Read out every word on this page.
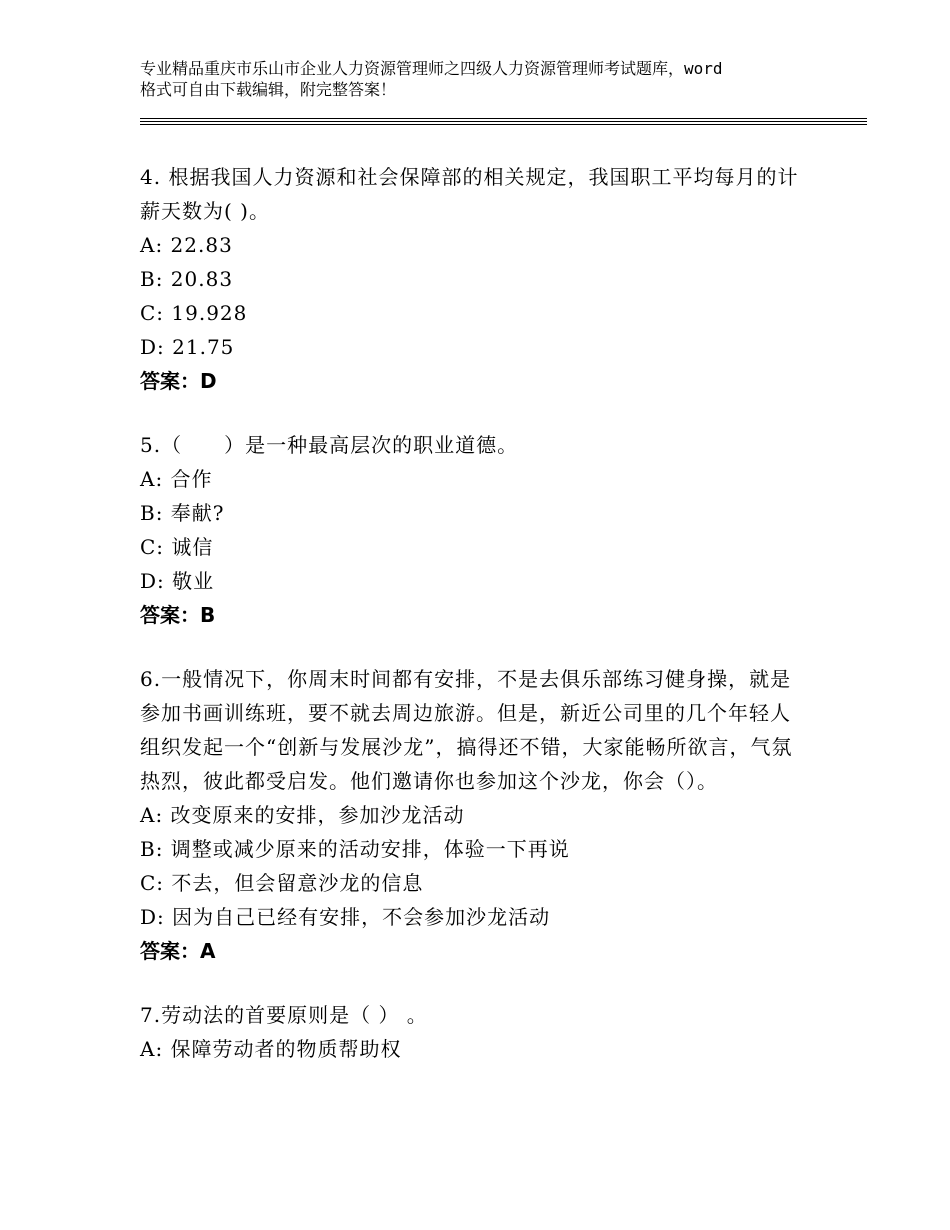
专业精品重庆市乐山市企业人力资源管理师之四级人力资源管理师考试题库，word
格式可自由下载编辑，附完整答案！
4. 根据我国人力资源和社会保障部的相关规定，我国职工平均每月的计薪天数为( )。
A: 22.83
B: 20.83
C: 19.928
D: 21.75
答案：D
5.（　　）是一种最高层次的职业道德。
A: 合作
B: 奉献?
C: 诚信
D: 敬业
答案：B
6.一般情况下，你周末时间都有安排，不是去俱乐部练习健身操，就是参加书画训练班，要不就去周边旅游。但是，新近公司里的几个年轻人组织发起一个“创新与发展沙龙”，搞得还不错，大家能畅所欲言，气氛热烈，彼此都受启发。他们邀请你也参加这个沙龙，你会（）。
A: 改变原来的安排，参加沙龙活动
B: 调整或减少原来的活动安排，体验一下再说
C: 不去，但会留意沙龙的信息
D: 因为自己已经有安排，不会参加沙龙活动
答案：A
7.劳动法的首要原则是（ ） 。
A: 保障劳动者的物质帮助权
